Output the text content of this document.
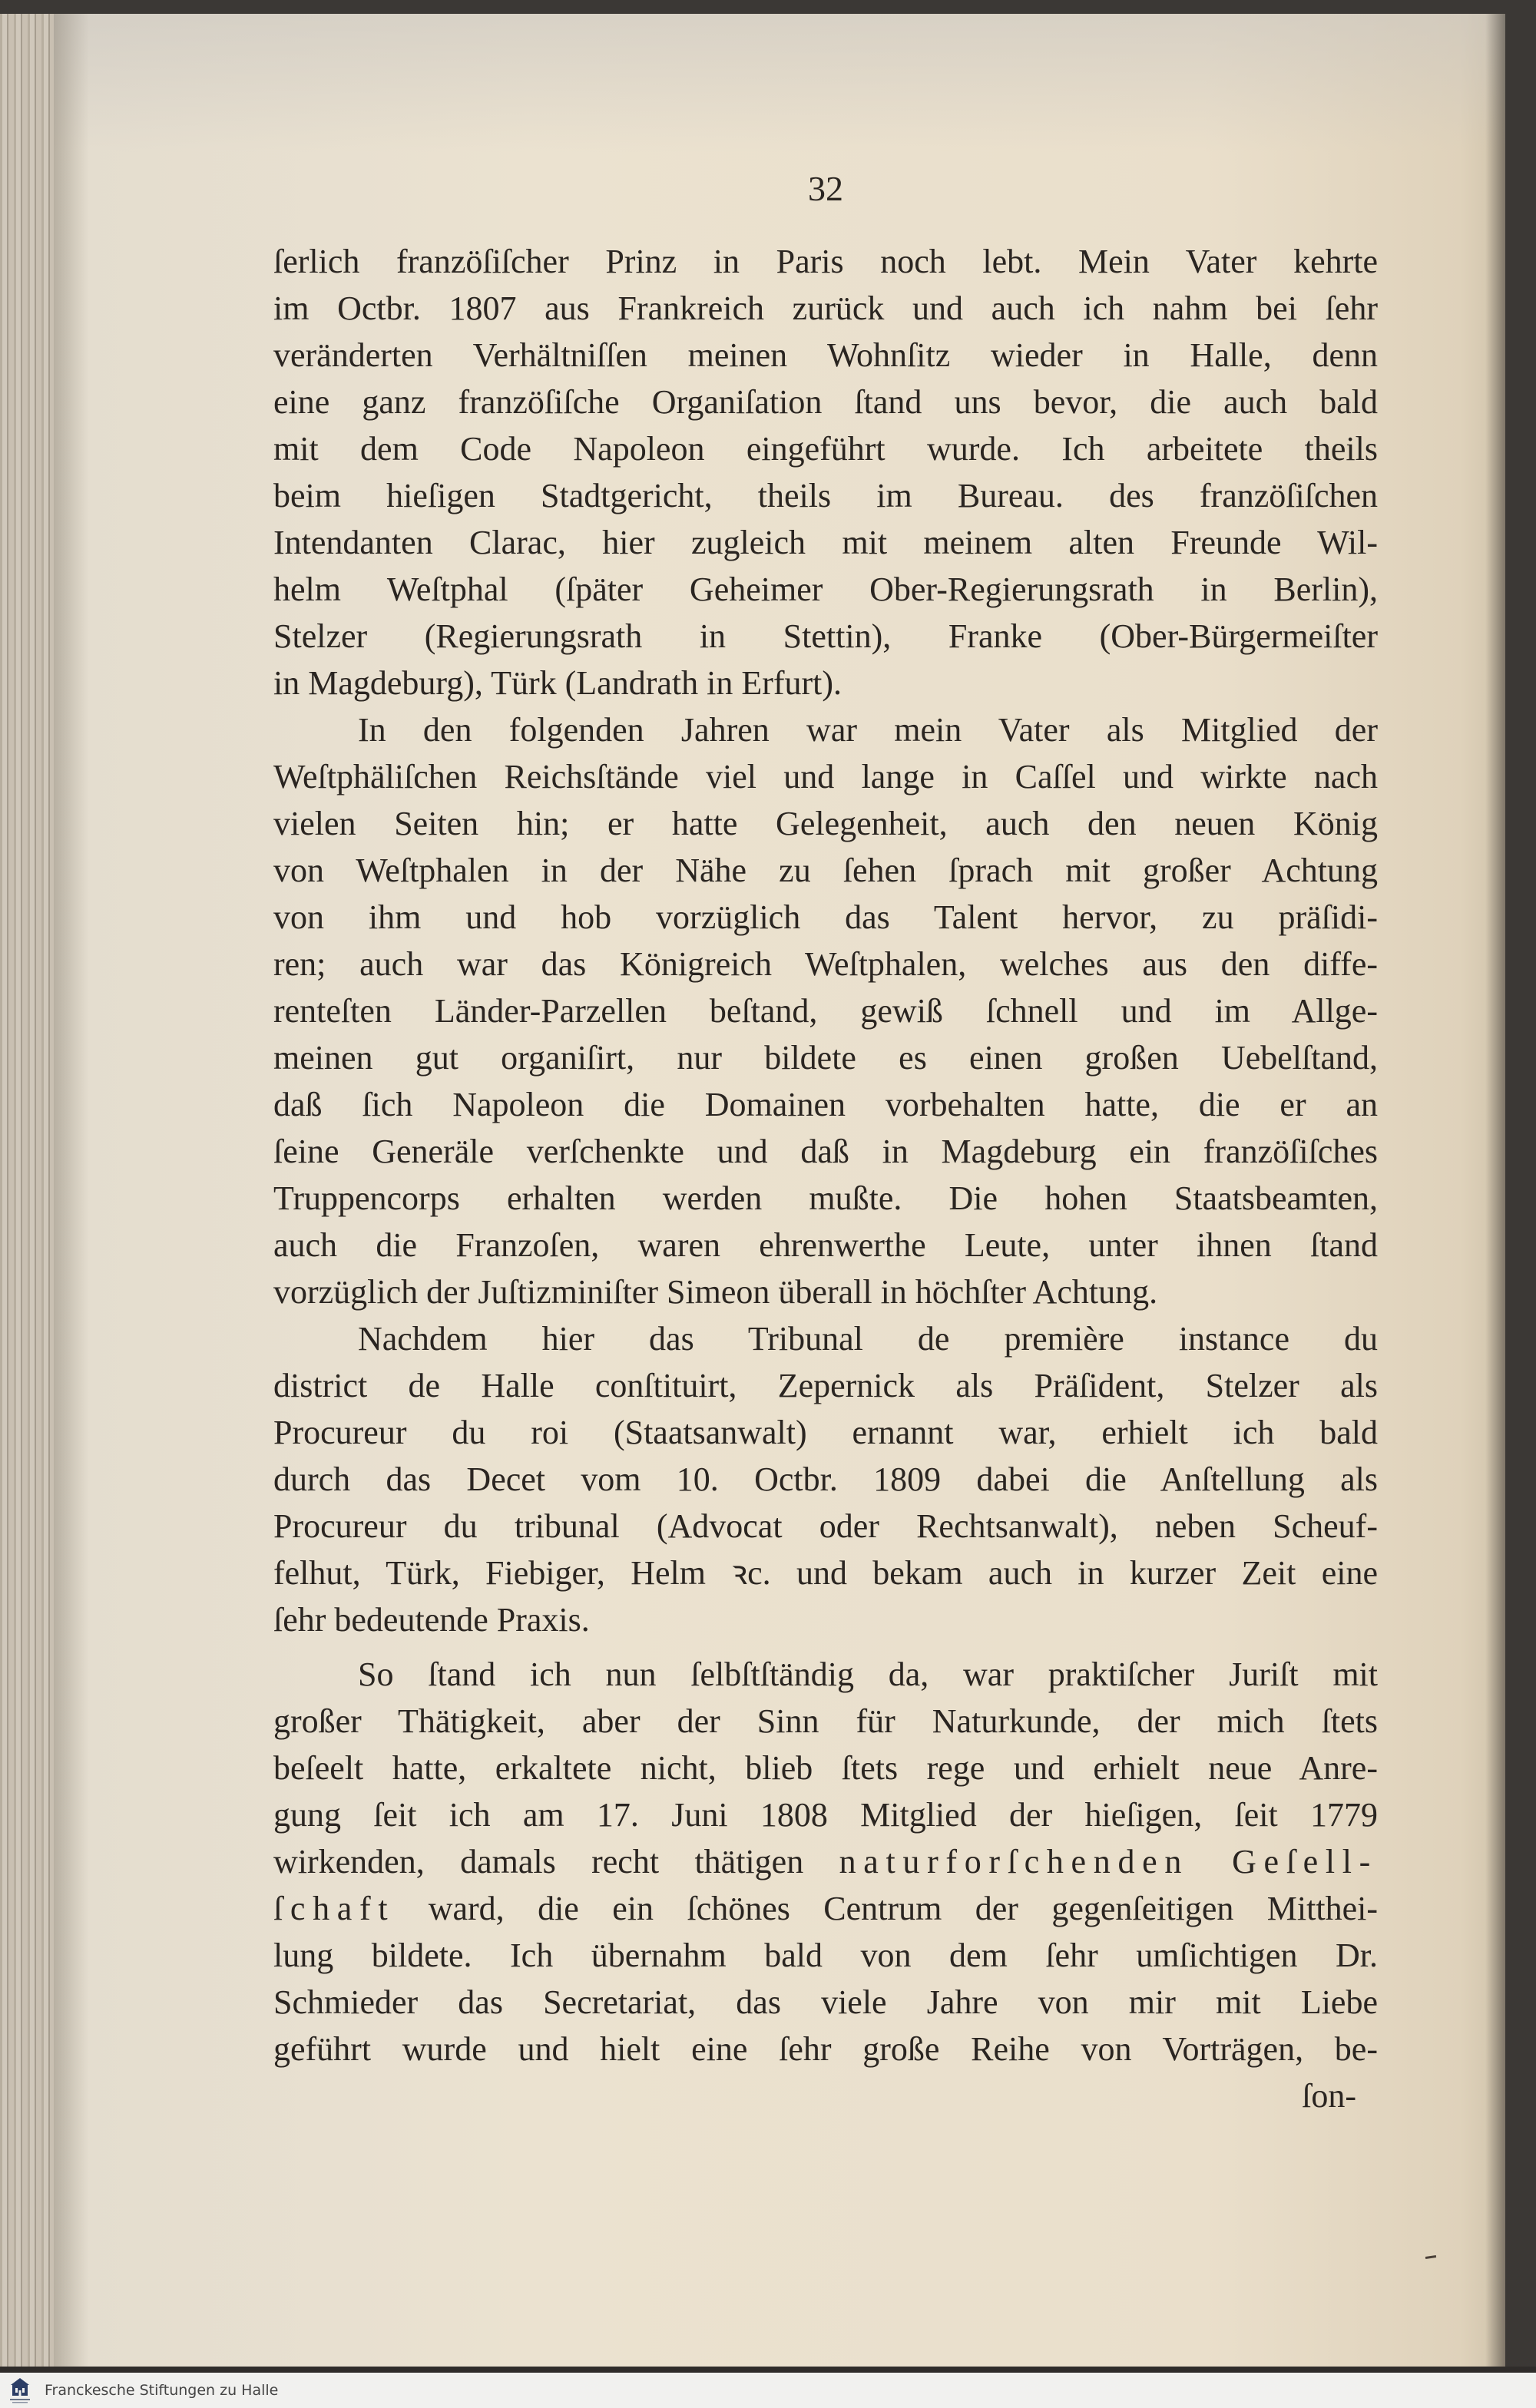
32
ſerlich franzöſiſcher Prinz in Paris noch lebt. Mein Vater kehrte
im Octbr. 1807 aus Frankreich zurück und auch ich nahm bei ſehr
veränderten Verhältniſſen meinen Wohnſitz wieder in Halle, denn
eine ganz franzöſiſche Organiſation ſtand uns bevor, die auch bald
mit dem Code Napoleon eingeführt wurde. Ich arbeitete theils
beim hieſigen Stadtgericht, theils im Bureau. des franzöſiſchen
Intendanten Clarac, hier zugleich mit meinem alten Freunde Wil-
helm Weſtphal (ſpäter Geheimer Ober-Regierungsrath in Berlin),
Stelzer (Regierungsrath in Stettin), Franke (Ober-Bürgermeiſter
in Magdeburg), Türk (Landrath in Erfurt).
In den folgenden Jahren war mein Vater als Mitglied der
Weſtphäliſchen Reichsſtände viel und lange in Caſſel und wirkte nach
vielen Seiten hin; er hatte Gelegenheit, auch den neuen König
von Weſtphalen in der Nähe zu ſehen ſprach mit großer Achtung
von ihm und hob vorzüglich das Talent hervor, zu präſidi-
ren; auch war das Königreich Weſtphalen, welches aus den diffe-
renteſten Länder-Parzellen beſtand, gewiß ſchnell und im Allge-
meinen gut organiſirt, nur bildete es einen großen Uebelſtand,
daß ſich Napoleon die Domainen vorbehalten hatte, die er an
ſeine Generäle verſchenkte und daß in Magdeburg ein franzöſiſches
Truppencorps erhalten werden mußte. Die hohen Staatsbeamten,
auch die Franzoſen, waren ehrenwerthe Leute, unter ihnen ſtand
vorzüglich der Juſtizminiſter Simeon überall in höchſter Achtung.
Nachdem hier das Tribunal de première instance du
district de Halle conſtituirt, Zepernick als Präſident, Stelzer als
Procureur du roi (Staatsanwalt) ernannt war, erhielt ich bald
durch das Decet vom 10. Octbr. 1809 dabei die Anſtellung als
Procureur du tribunal (Advocat oder Rechtsanwalt), neben Scheuf-
felhut, Türk, Fiebiger, Helm ꝛc. und bekam auch in kurzer Zeit eine
ſehr bedeutende Praxis.
So ſtand ich nun ſelbſtſtändig da, war praktiſcher Juriſt mit
großer Thätigkeit, aber der Sinn für Naturkunde, der mich ſtets
beſeelt hatte, erkaltete nicht, blieb ſtets rege und erhielt neue Anre-
gung ſeit ich am 17. Juni 1808 Mitglied der hieſigen, ſeit 1779
wirkenden, damals recht thätigen naturforſchenden Geſell-
ſchaft ward, die ein ſchönes Centrum der gegenſeitigen Mitthei-
lung bildete. Ich übernahm bald von dem ſehr umſichtigen Dr.
Schmieder das Secretariat, das viele Jahre von mir mit Liebe
geführt wurde und hielt eine ſehr große Reihe von Vorträgen, be-
ſon-
Franckesche Stiftungen zu Halle
